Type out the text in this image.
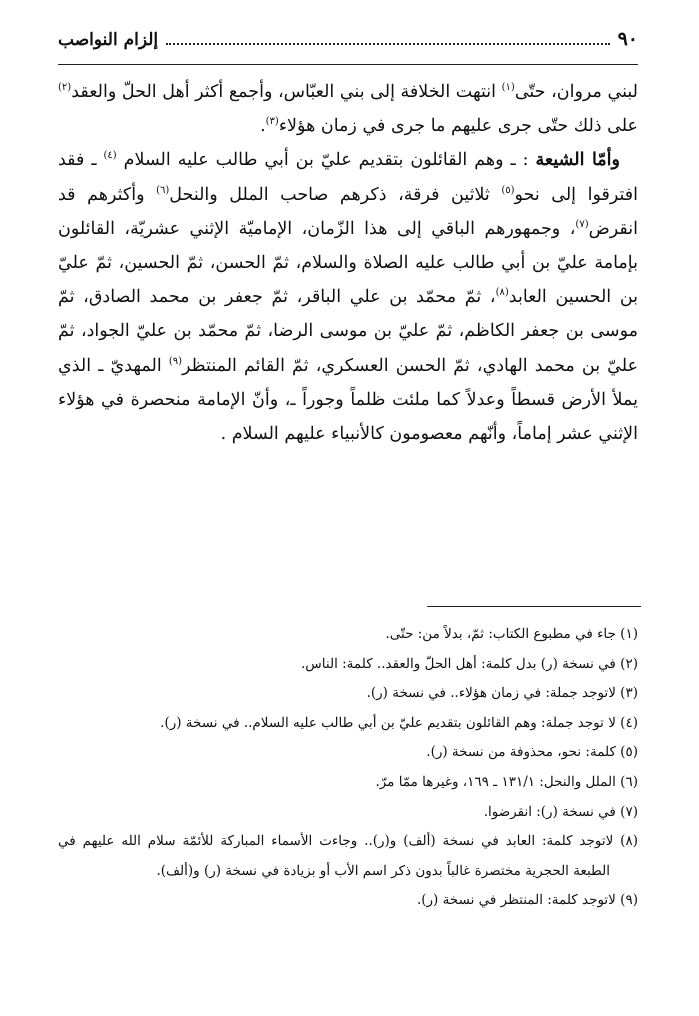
٩٠
إلزام النواصب

لبني مروان، حتّى$^{(١)}$ انتهت الخلافة إلى بني العبّاس، وأجمع أكثر أهل الحلّ والعقد$^{(٢)}$ على ذلك حتّى جرى عليهم ما جرى في زمان هؤلاء$^{(٣)}$.

وأمّا الشيعة : ـ وهم القائلون بتقديم عليّ بن أبي طالب عليه السلام $^{(٤)}$ ـ فقد افترقوا إلى نحو$^{(٥)}$ ثلاثين فرقة، ذكرهم صاحب الملل والنحل$^{(٦)}$ وأكثرهم قد انقرض$^{(٧)}$، وجمهورهم الباقي إلى هذا الزّمان، الإماميّة الإثني عشريّة، القائلون بإمامة عليّ بن أبي طالب عليه الصلاة والسلام، ثمّ الحسن، ثمّ الحسين، ثمّ عليّ بن الحسين العابد$^{(٨)}$، ثمّ محمّد بن علي الباقر، ثمّ جعفر بن محمد الصادق، ثمّ موسى بن جعفر الكاظم، ثمّ عليّ بن موسى الرضا، ثمّ محمّد بن عليّ الجواد، ثمّ عليّ بن محمد الهادي، ثمّ الحسن العسكري، ثمّ القائم المنتظر$^{(٩)}$ المهديّ ـ الذي يملأ الأرض قسطاً وعدلاً كما ملئت ظلماً وجوراً ـ، وأنّ الإمامة منحصرة في هؤلاء الإثني عشر إماماً، وأنّهم معصومون كالأنبياء عليهم السلام .

(١) جاء في مطبوع الكتاب: ثمّ، بدلاً من: حتّى.

(٢) في نسخة (ر) بدل كلمة: أهل الحلّ والعقد.. كلمة: الناس.

(٣) لاتوجد جملة: في زمان هؤلاء.. في نسخة (ر).

(٤) لا توجد جملة: وهم القائلون بتقديم عليّ بن أبي طالب عليه السلام.. في نسخة (ر).

(٥) كلمة: نحو، محذوفة من نسخة (ر).

(٦) الملل والنحل: ١٣١/١ ـ ١٦٩، وغيرها ممّا مرّ.

(٧) في نسخة (ر): انقرضوا.

(٨) لاتوجد كلمة: العابد في نسخة (ألف) و(ر).. وجاءت الأسماء المباركة للأئمّة سلام الله عليهم في الطبعة الحجرية مختصرة غالباً بدون ذكر اسم الأب أو بزيادة في نسخة (ر) و(ألف).

(٩) لاتوجد كلمة: المنتظر في نسخة (ر).
